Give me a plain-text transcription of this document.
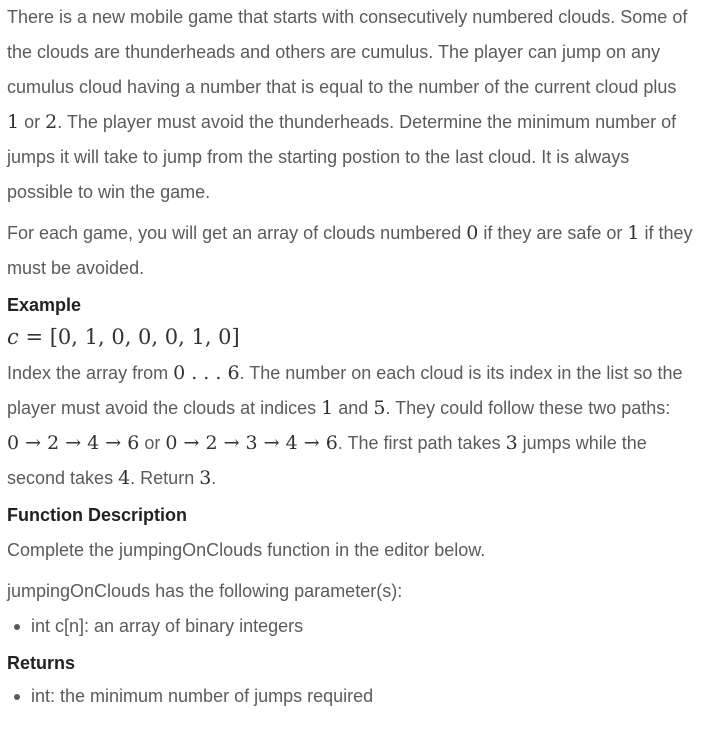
There is a new mobile game that starts with consecutively numbered clouds. Some of
the clouds are thunderheads and others are cumulus. The player can jump on any
cumulus cloud having a number that is equal to the number of the current cloud plus
1 or 2. The player must avoid the thunderheads. Determine the minimum number of
jumps it will take to jump from the starting postion to the last cloud. It is always
possible to win the game.

For each game, you will get an array of clouds numbered 0 if they are safe or 1 if they
must be avoided.

Example

c = [0, 1, 0, 0, 0, 1, 0]

Index the array from 0 . . . 6. The number on each cloud is its index in the list so the
player must avoid the clouds at indices 1 and 5. They could follow these two paths:
0 → 2 → 4 → 6 or 0 → 2 → 3 → 4 → 6. The first path takes 3 jumps while the
second takes 4. Return 3.

Function Description

Complete the jumpingOnClouds function in the editor below.

jumpingOnClouds has the following parameter(s):

int c[n]: an array of binary integers
Returns
int: the minimum number of jumps required
